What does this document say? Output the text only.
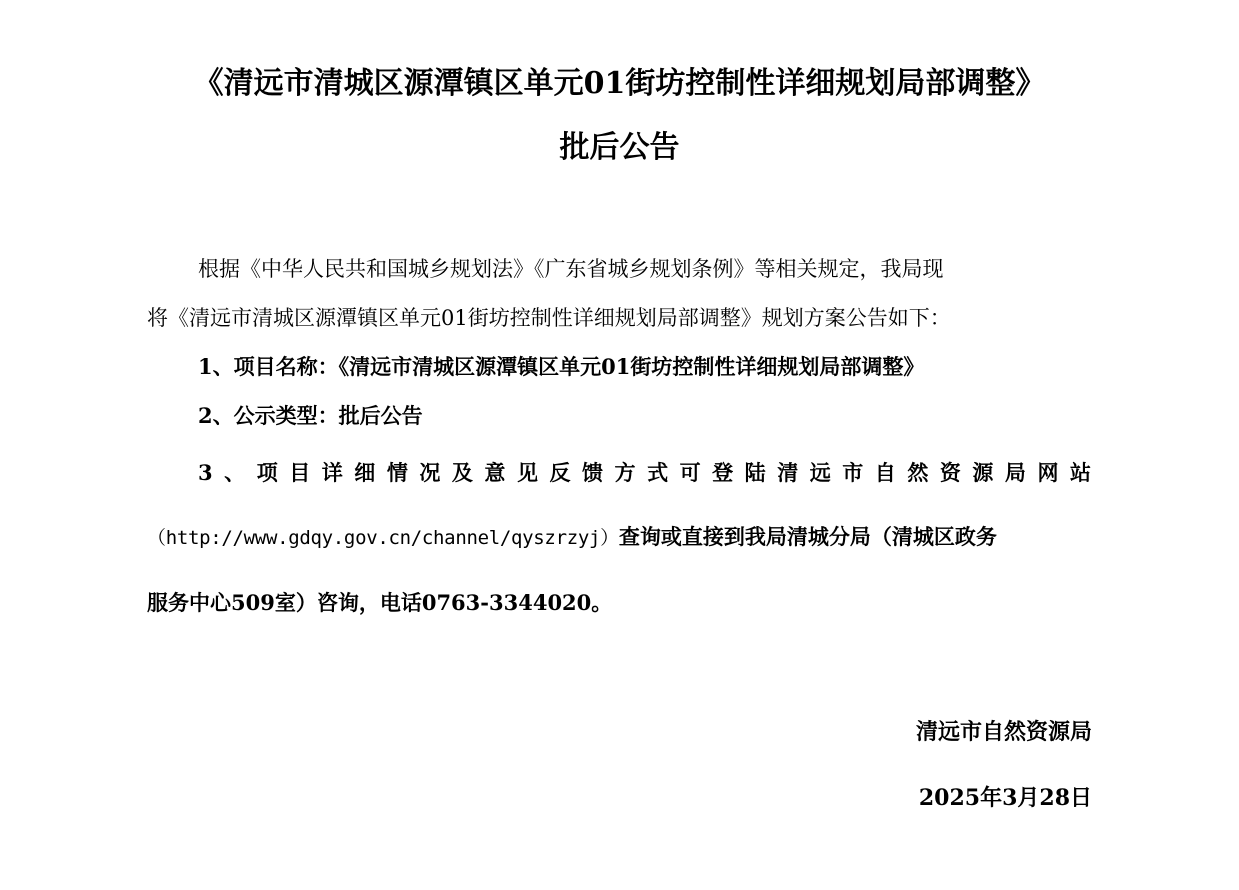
《清远市清城区源潭镇区单元01街坊控制性详细规划局部调整》
批后公告
根据《中华人民共和国城乡规划法》《广东省城乡规划条例》等相关规定，我局现
将《清远市清城区源潭镇区单元01街坊控制性详细规划局部调整》规划方案公告如下：
1、项目名称：《清远市清城区源潭镇区单元01街坊控制性详细规划局部调整》
2、公示类型：批后公告
3 、 项 目 详 细 情 况 及 意 见 反 馈 方 式 可 登 陆 清 远 市 自 然 资 源 局 网 站
（http://www.gdqy.gov.cn/channel/qyszrzyj）查询或直接到我局清城分局（清城区政务
服务中心509室）咨询，电话0763-3344020。
清远市自然资源局
2025年3月28日
